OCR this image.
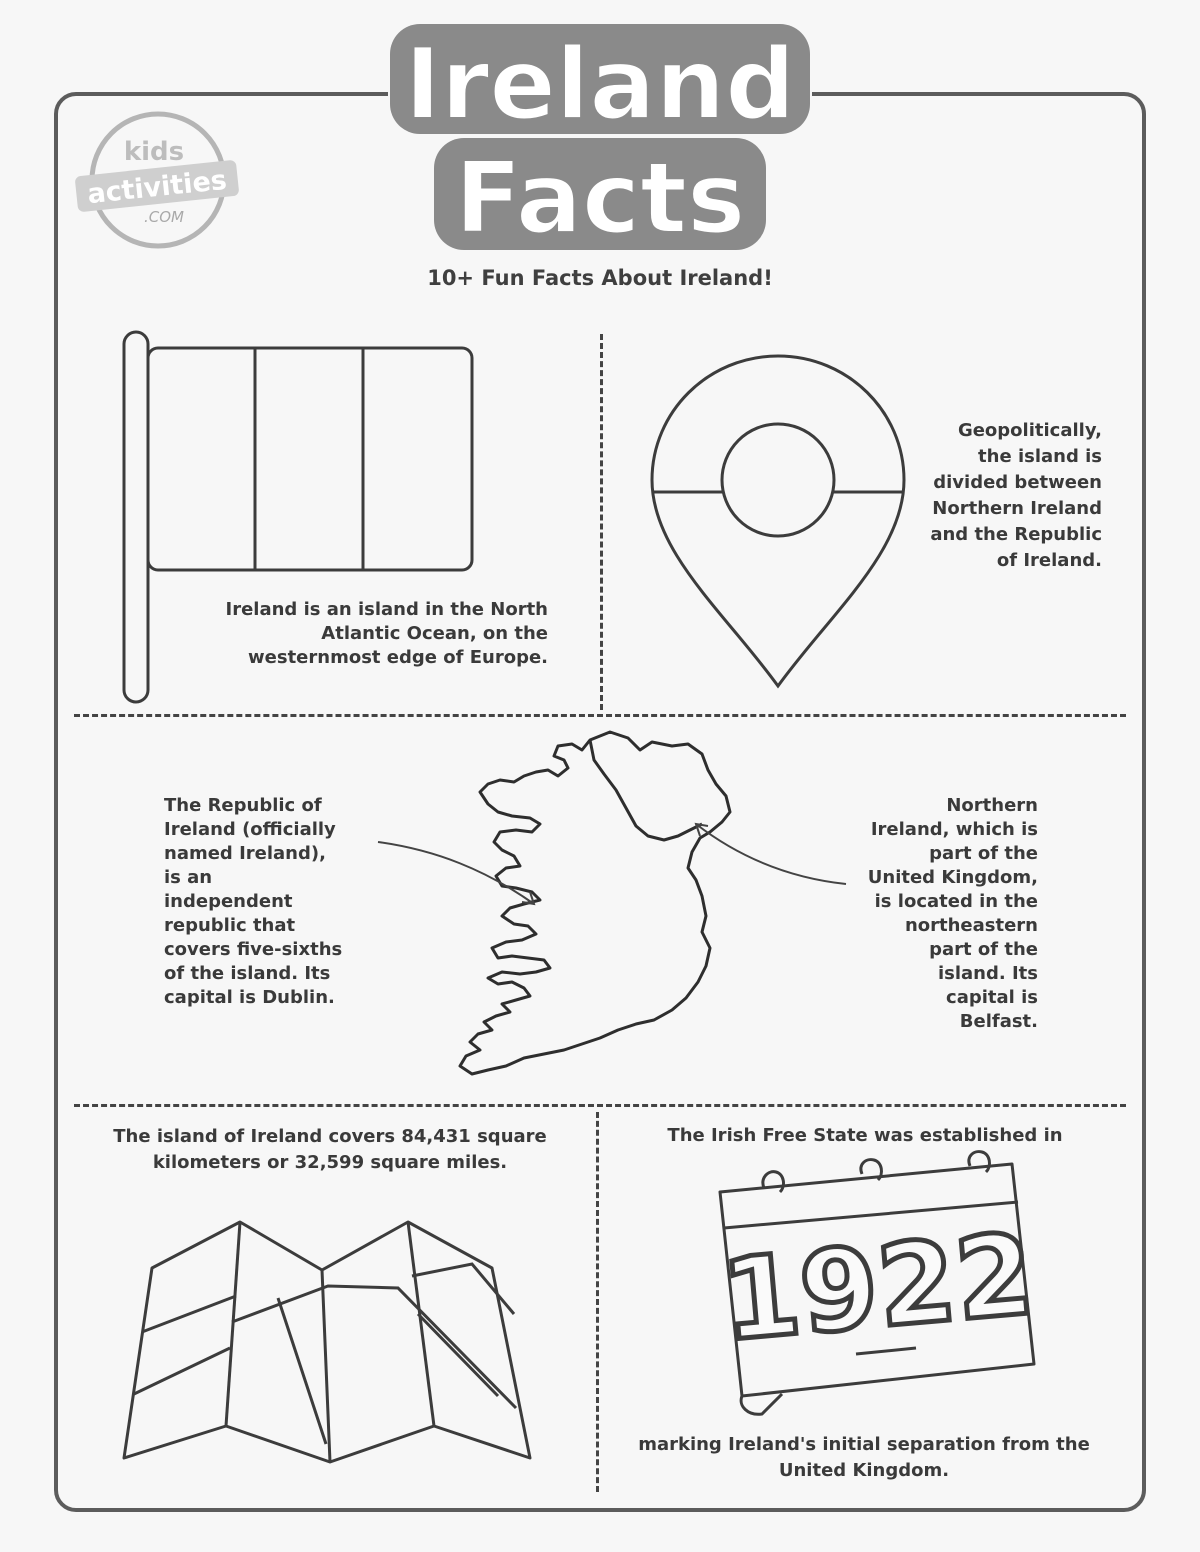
Ireland
Facts
10+ Fun Facts About Ireland!
kids
activities
.COM
Ireland is an island in the North Atlantic Ocean, on the westernmost edge of Europe.
Geopolitically, the island is divided between Northern Ireland and the Republic of Ireland.
The Republic of Ireland (officially named Ireland), is an independent republic that covers five-sixths of the island. Its capital is Dublin.
Northern Ireland, which is part of the United Kingdom, is located in the northeastern part of the island. Its capital is Belfast.
The island of Ireland covers 84,431 square kilometers or 32,599 square miles.
The Irish Free State was established in
1922
marking Ireland's initial separation from the United Kingdom.
